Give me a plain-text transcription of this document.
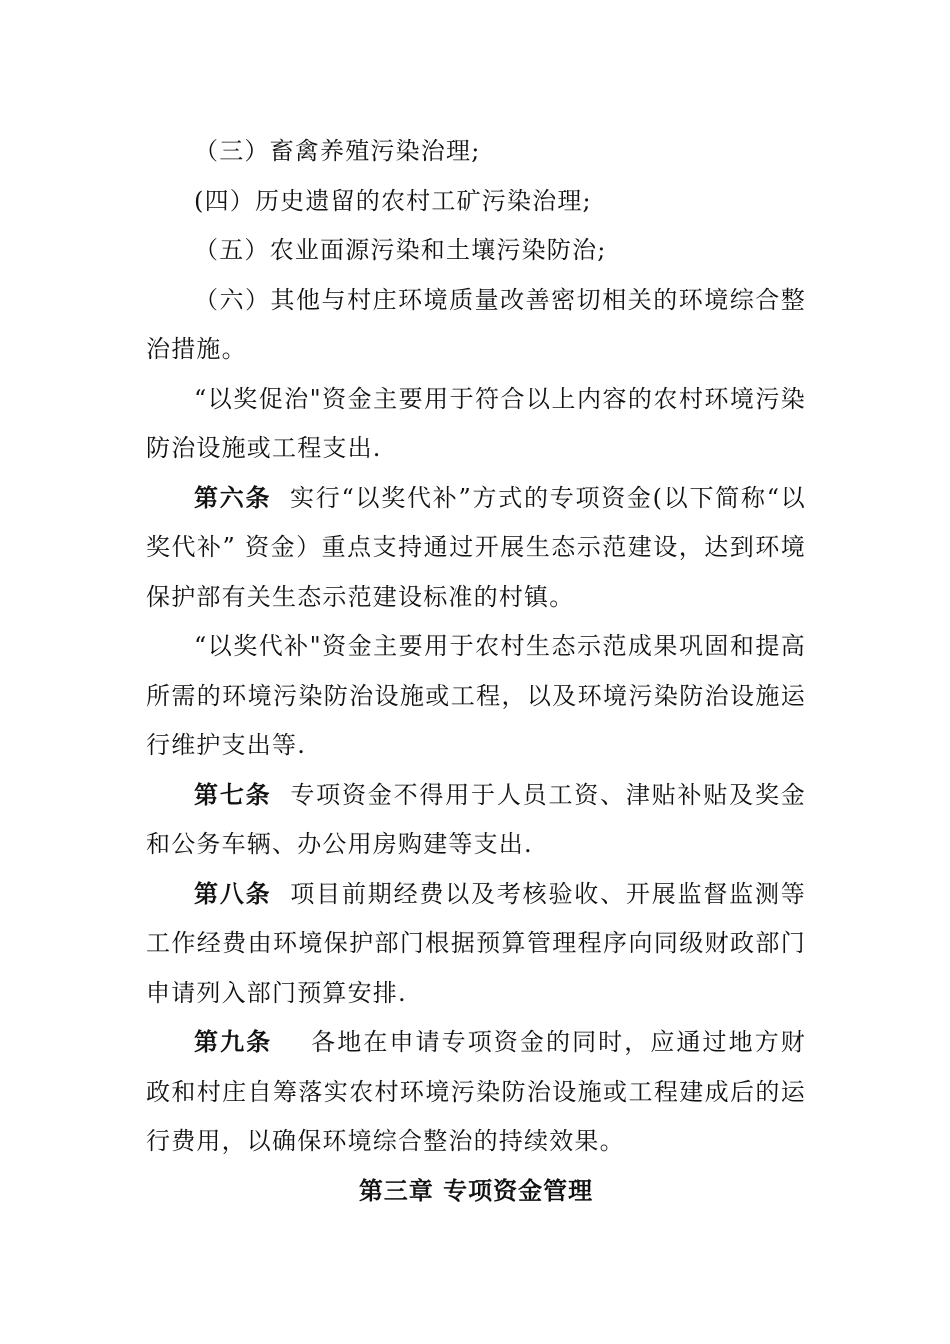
（三）畜禽养殖污染治理;

(四）历史遗留的农村工矿污染治理;

（五）农业面源污染和土壤污染防治;

（六）其他与村庄环境质量改善密切相关的环境综合整治措施。

“以奖促治"资金主要用于符合以上内容的农村环境污染防治设施或工程支出.

第六条 实行“以奖代补”方式的专项资金(以下简称“以奖代补” 资金）重点支持通过开展生态示范建设，达到环境保护部有关生态示范建设标准的村镇。

“以奖代补"资金主要用于农村生态示范成果巩固和提高所需的环境污染防治设施或工程，以及环境污染防治设施运行维护支出等.

第七条 专项资金不得用于人员工资、津贴补贴及奖金和公务车辆、办公用房购建等支出.

第八条 项目前期经费以及考核验收、开展监督监测等工作经费由环境保护部门根据预算管理程序向同级财政部门申请列入部门预算安排.

第九条 各地在申请专项资金的同时，应通过地方财政和村庄自筹落实农村环境污染防治设施或工程建成后的运行费用，以确保环境综合整治的持续效果。

第三章 专项资金管理
